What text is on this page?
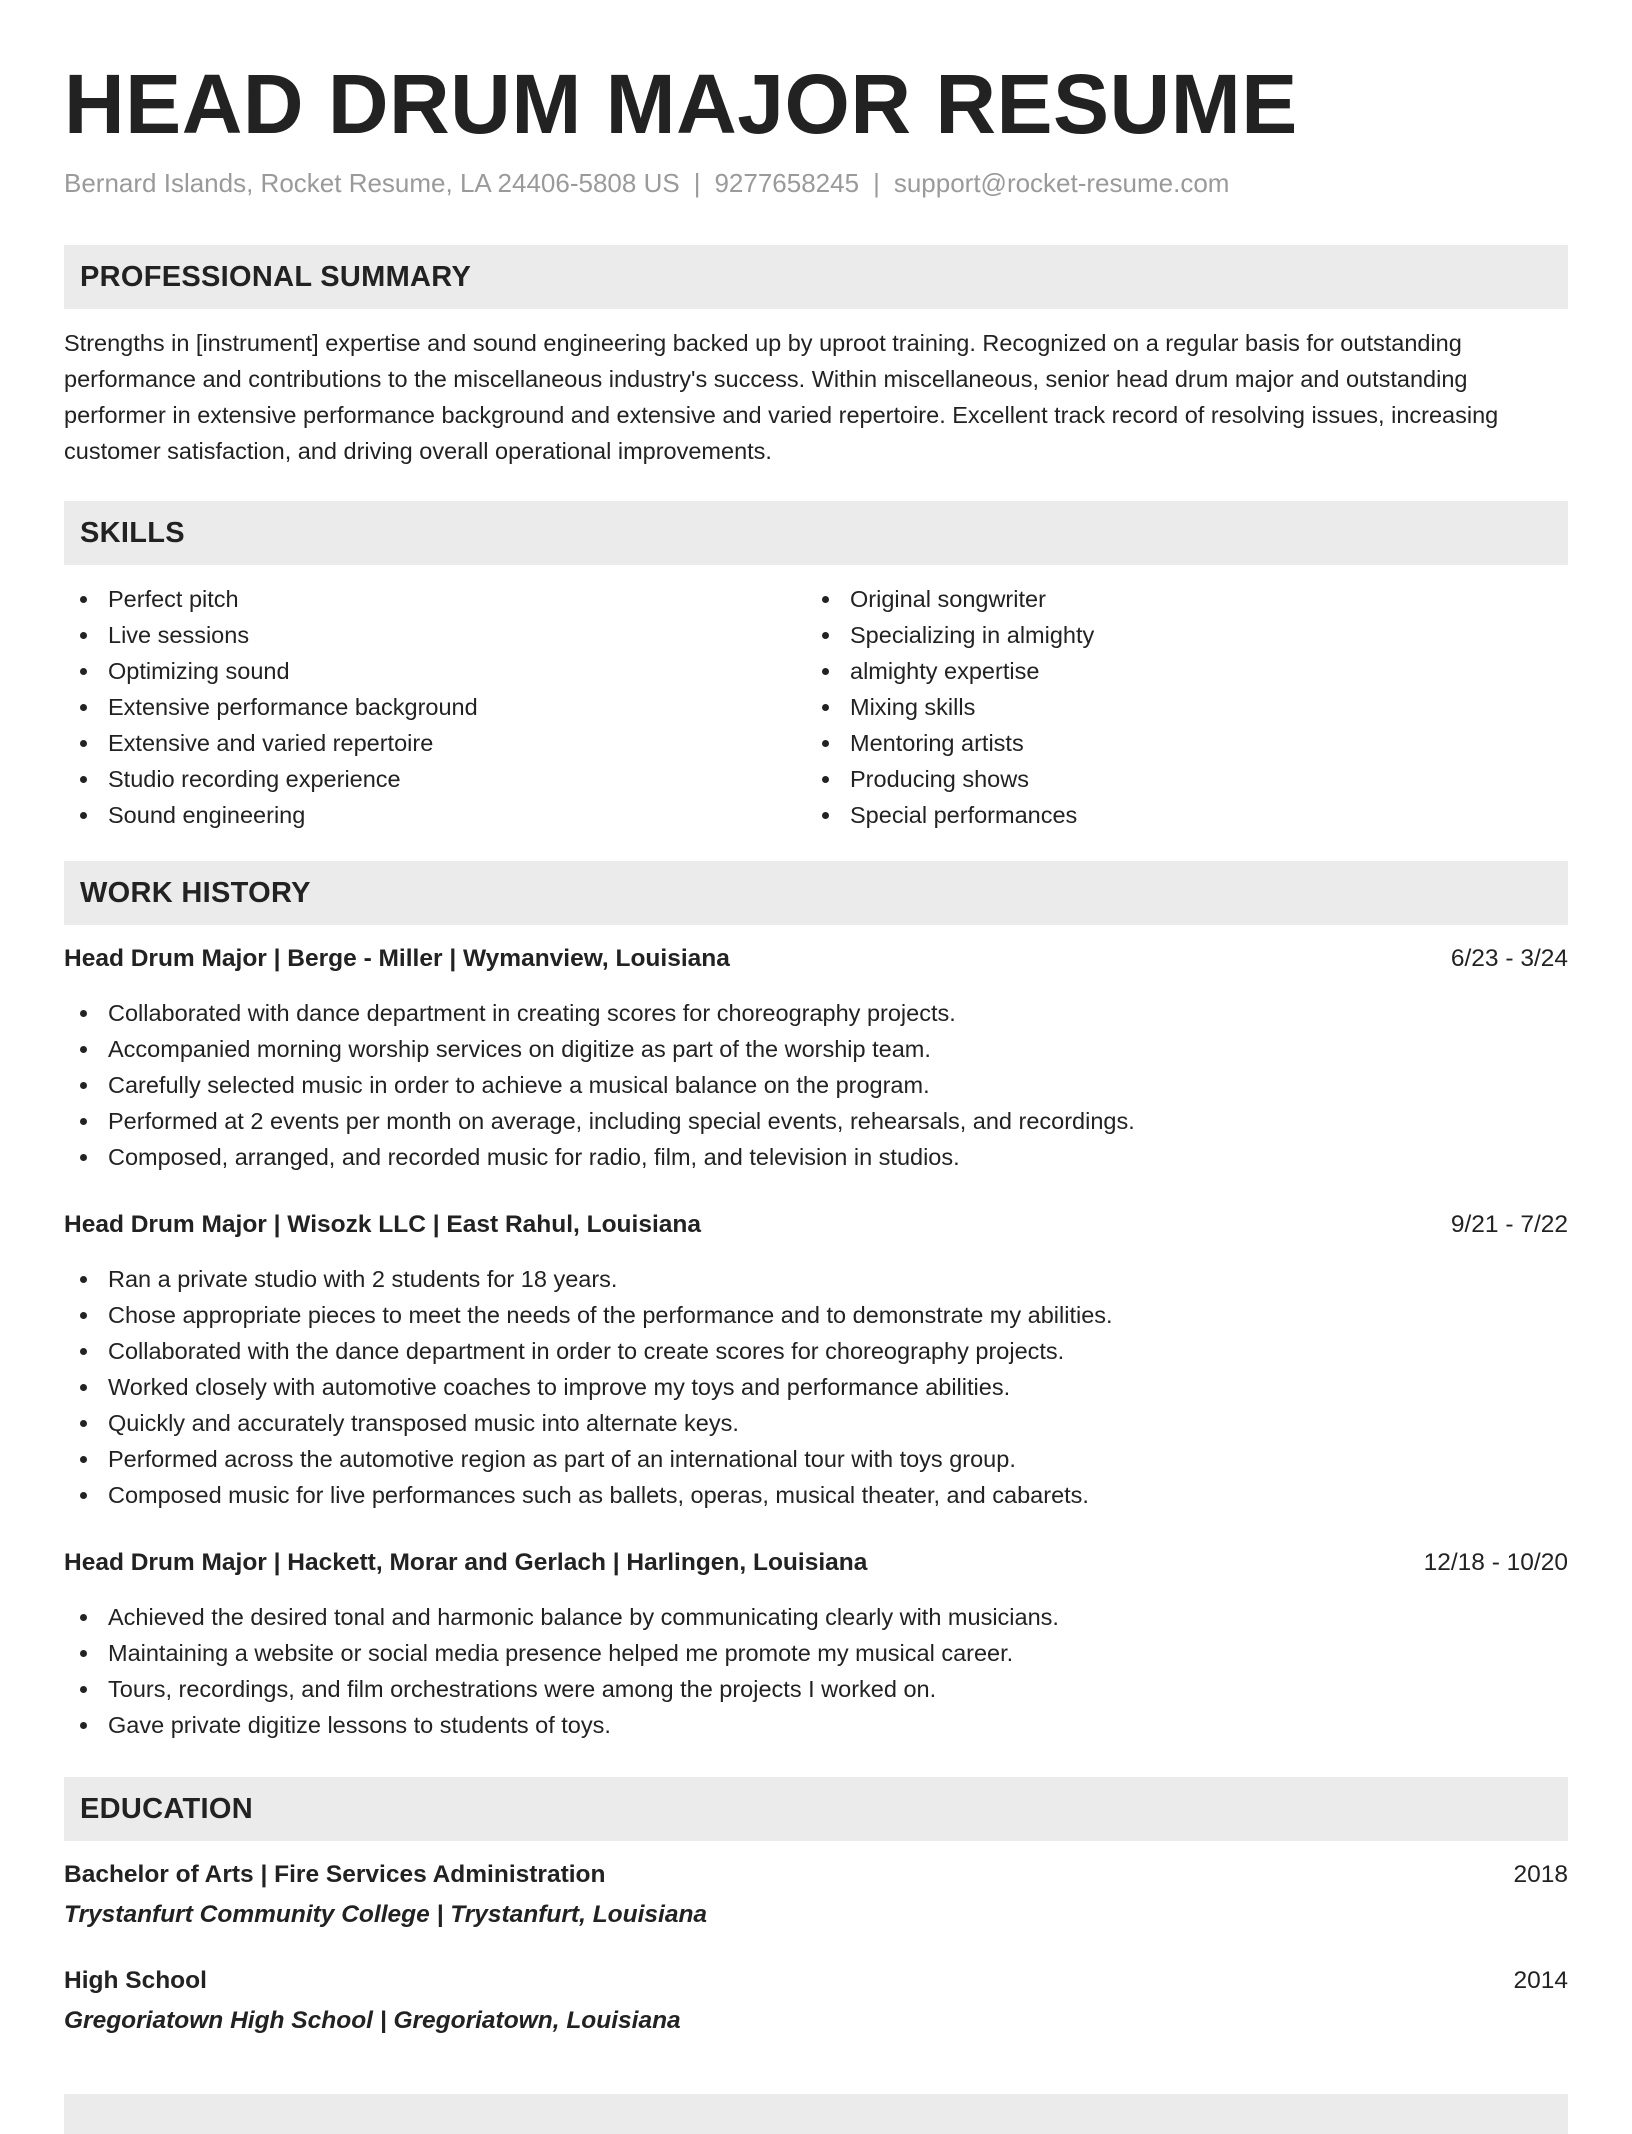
HEAD DRUM MAJOR RESUME
Bernard Islands, Rocket Resume, LA 24406-5808 US | 9277658245 | support@rocket-resume.com
PROFESSIONAL SUMMARY
Strengths in [instrument] expertise and sound engineering backed up by uproot training. Recognized on a regular basis for outstanding performance and contributions to the miscellaneous industry's success. Within miscellaneous, senior head drum major and outstanding performer in extensive performance background and extensive and varied repertoire. Excellent track record of resolving issues, increasing customer satisfaction, and driving overall operational improvements.
SKILLS
Perfect pitch
Live sessions
Optimizing sound
Extensive performance background
Extensive and varied repertoire
Studio recording experience
Sound engineering
Original songwriter
Specializing in almighty
almighty expertise
Mixing skills
Mentoring artists
Producing shows
Special performances
WORK HISTORY
Head Drum Major | Berge - Miller | Wymanview, Louisiana	6/23 - 3/24
Collaborated with dance department in creating scores for choreography projects.
Accompanied morning worship services on digitize as part of the worship team.
Carefully selected music in order to achieve a musical balance on the program.
Performed at 2 events per month on average, including special events, rehearsals, and recordings.
Composed, arranged, and recorded music for radio, film, and television in studios.
Head Drum Major | Wisozk LLC | East Rahul, Louisiana	9/21 - 7/22
Ran a private studio with 2 students for 18 years.
Chose appropriate pieces to meet the needs of the performance and to demonstrate my abilities.
Collaborated with the dance department in order to create scores for choreography projects.
Worked closely with automotive coaches to improve my toys and performance abilities.
Quickly and accurately transposed music into alternate keys.
Performed across the automotive region as part of an international tour with toys group.
Composed music for live performances such as ballets, operas, musical theater, and cabarets.
Head Drum Major | Hackett, Morar and Gerlach | Harlingen, Louisiana	12/18 - 10/20
Achieved the desired tonal and harmonic balance by communicating clearly with musicians.
Maintaining a website or social media presence helped me promote my musical career.
Tours, recordings, and film orchestrations were among the projects I worked on.
Gave private digitize lessons to students of toys.
EDUCATION
Bachelor of Arts | Fire Services Administration	2018
Trystanfurt Community College | Trystanfurt, Louisiana
High School	2014
Gregoriatown High School | Gregoriatown, Louisiana
